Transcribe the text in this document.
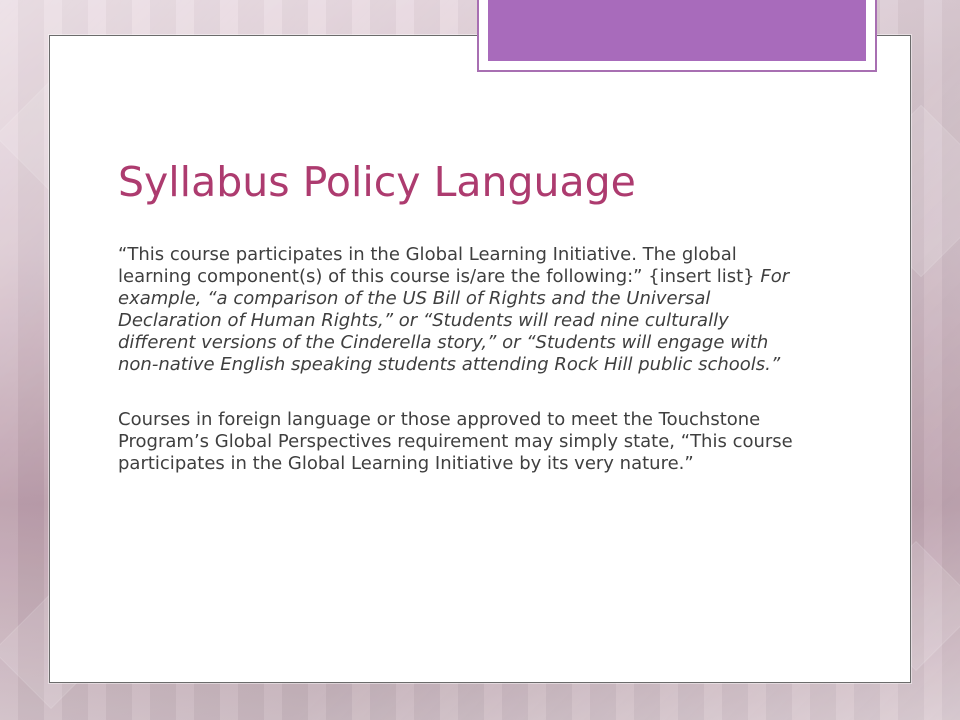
Syllabus Policy Language

“This course participates in the Global Learning Initiative. The global learning component(s) of this course is/are the following:” {insert list} For example, “a comparison of the US Bill of Rights and the Universal Declaration of Human Rights,” or “Students will read nine culturally different versions of the Cinderella story,” or “Students will engage with non-native English speaking students attending Rock Hill public schools.”

Courses in foreign language or those approved to meet the Touchstone Program’s Global Perspectives requirement may simply state, “This course participates in the Global Learning Initiative by its very nature.”
